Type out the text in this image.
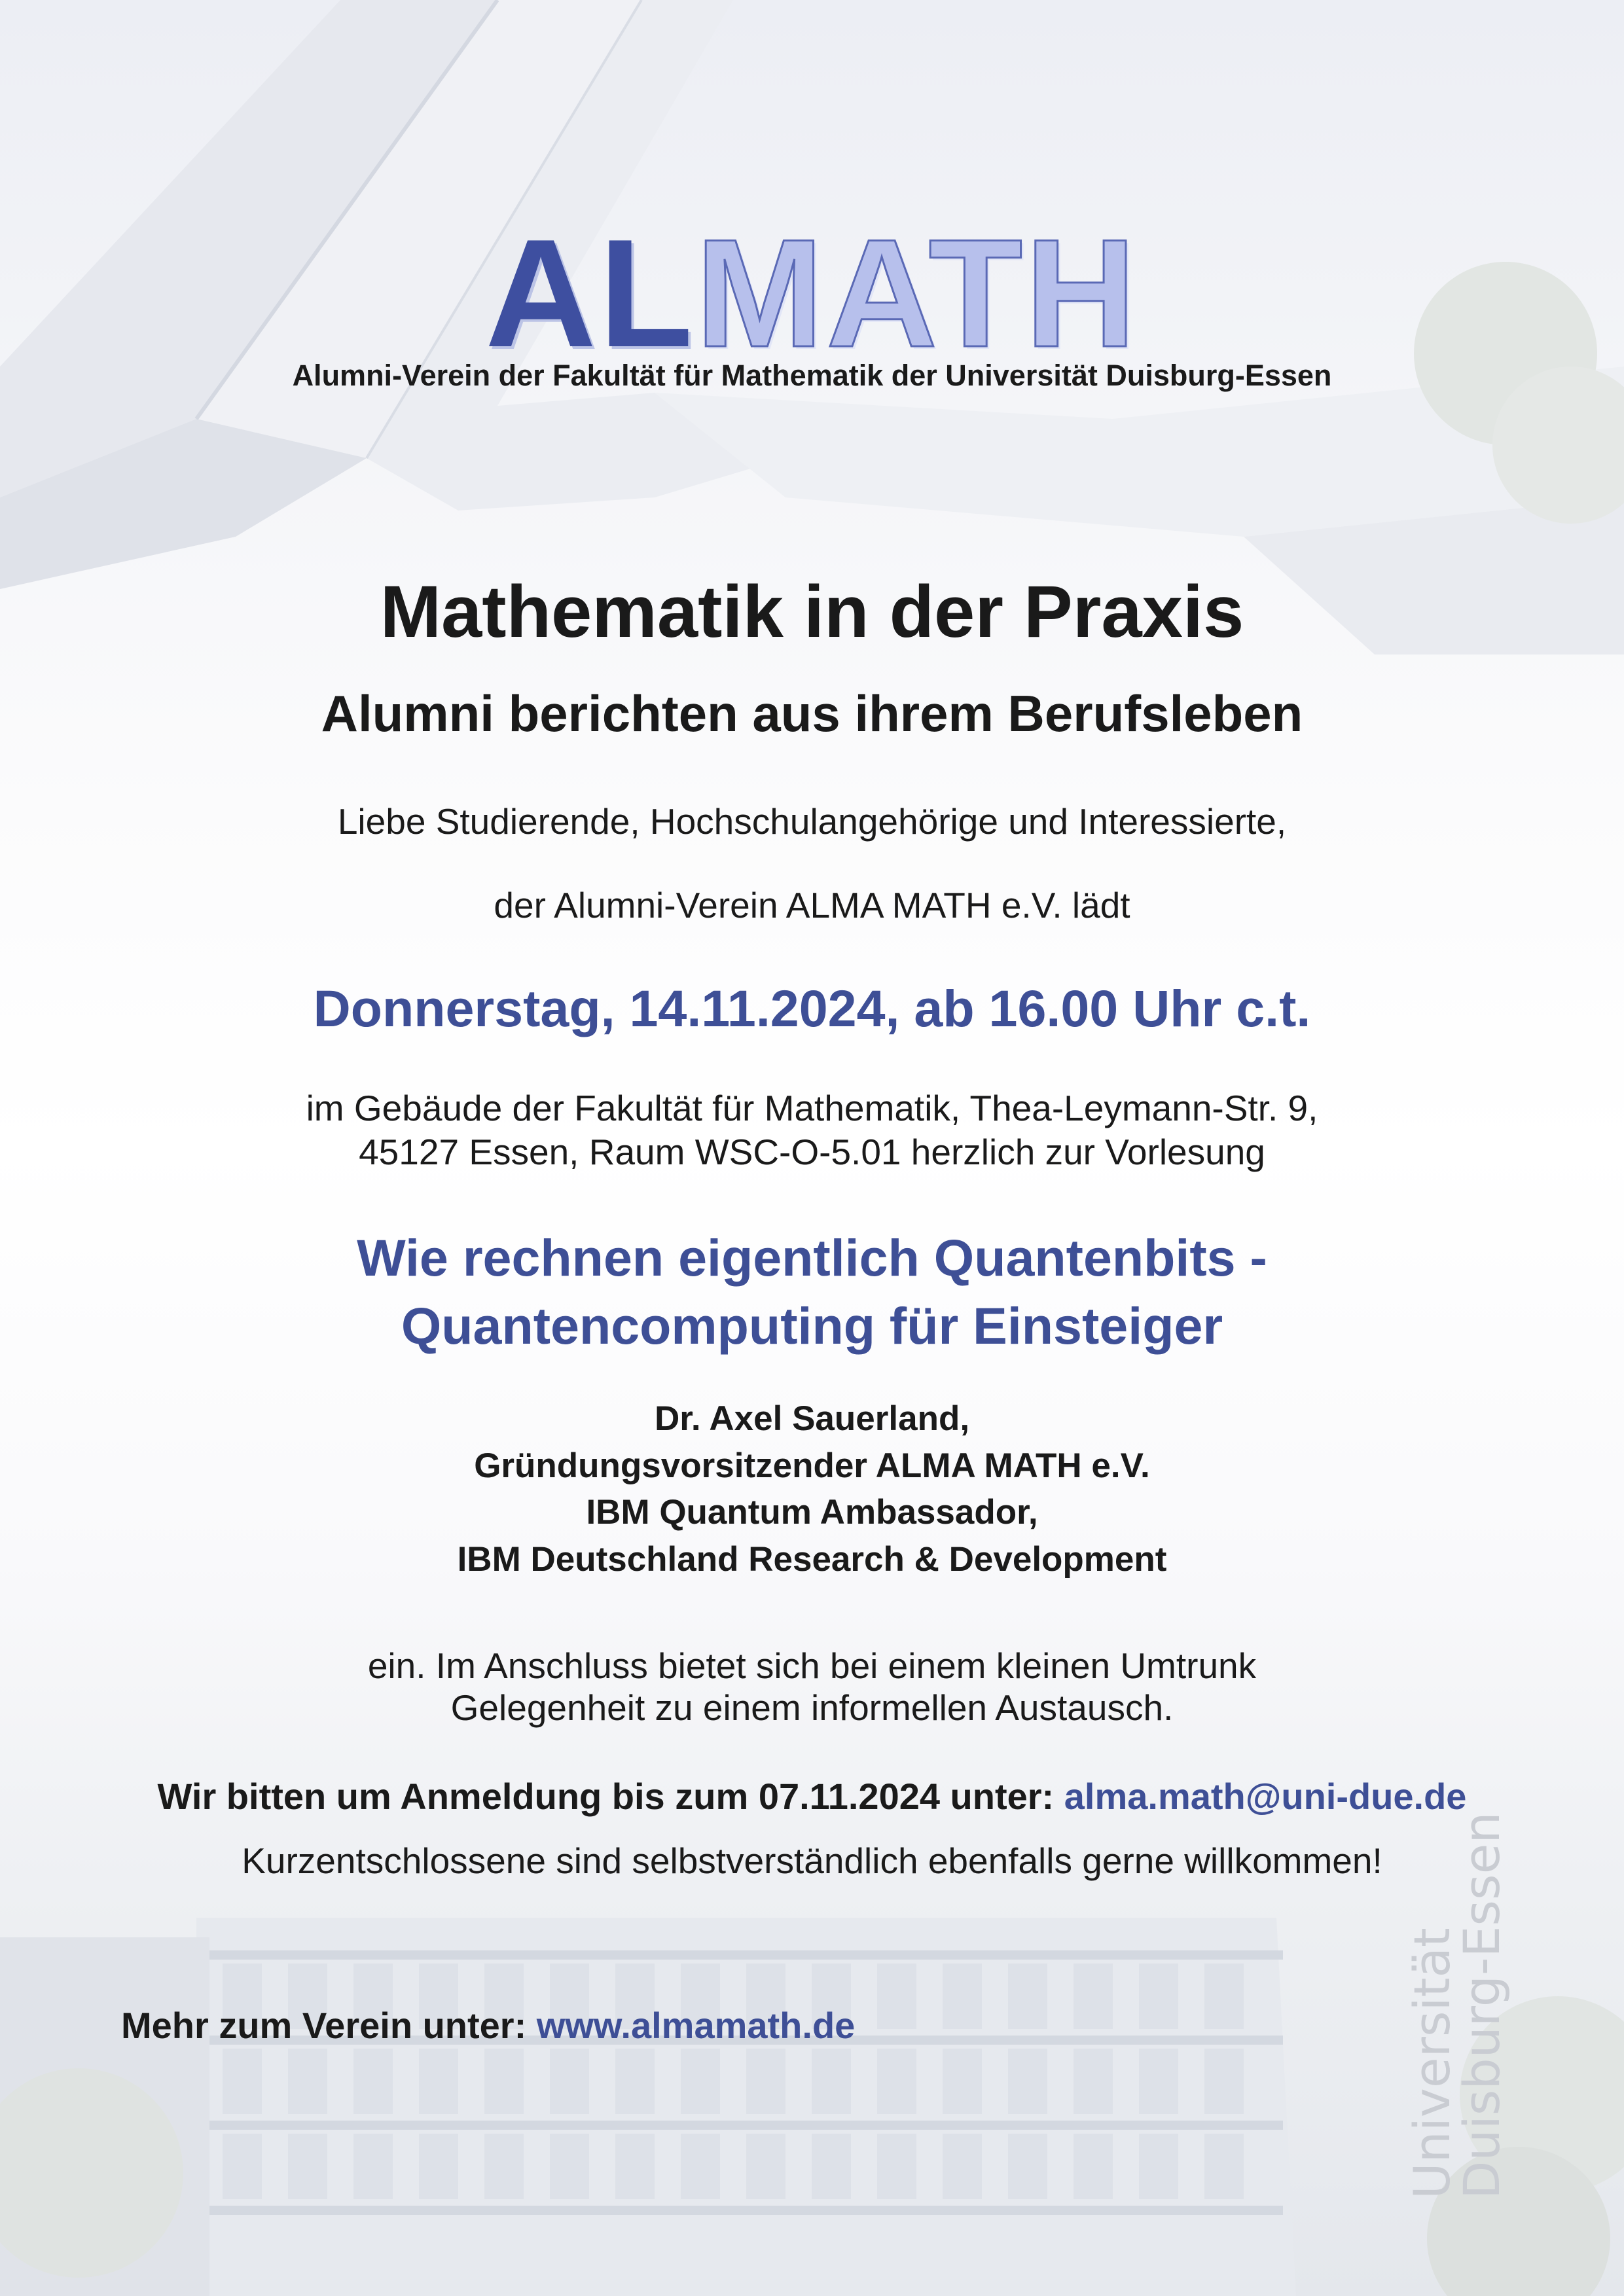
ALMATH
Alumni-Verein der Fakultät für Mathematik der Universität Duisburg-Essen
Mathematik in der Praxis
Alumni berichten aus ihrem Berufsleben
Liebe Studierende, Hochschulangehörige und Interessierte,
der Alumni-Verein ALMA MATH e.V. lädt
Donnerstag, 14.11.2024, ab 16.00 Uhr c.t.
im Gebäude der Fakultät für Mathematik, Thea-Leymann-Str. 9,
45127 Essen, Raum WSC-O-5.01 herzlich zur Vorlesung
Wie rechnen eigentlich Quantenbits -
Quantencomputing für Einsteiger
Dr. Axel Sauerland,
Gründungsvorsitzender ALMA MATH e.V.
IBM Quantum Ambassador,
IBM Deutschland Research & Development
ein. Im Anschluss bietet sich bei einem kleinen Umtrunk
Gelegenheit zu einem informellen Austausch.
Wir bitten um Anmeldung bis zum 07.11.2024 unter: alma.math@uni-due.de
Kurzentschlossene sind selbstverständlich ebenfalls gerne willkommen!
Mehr zum Verein unter: www.almamath.de	Universität
Duisburg-Essen
